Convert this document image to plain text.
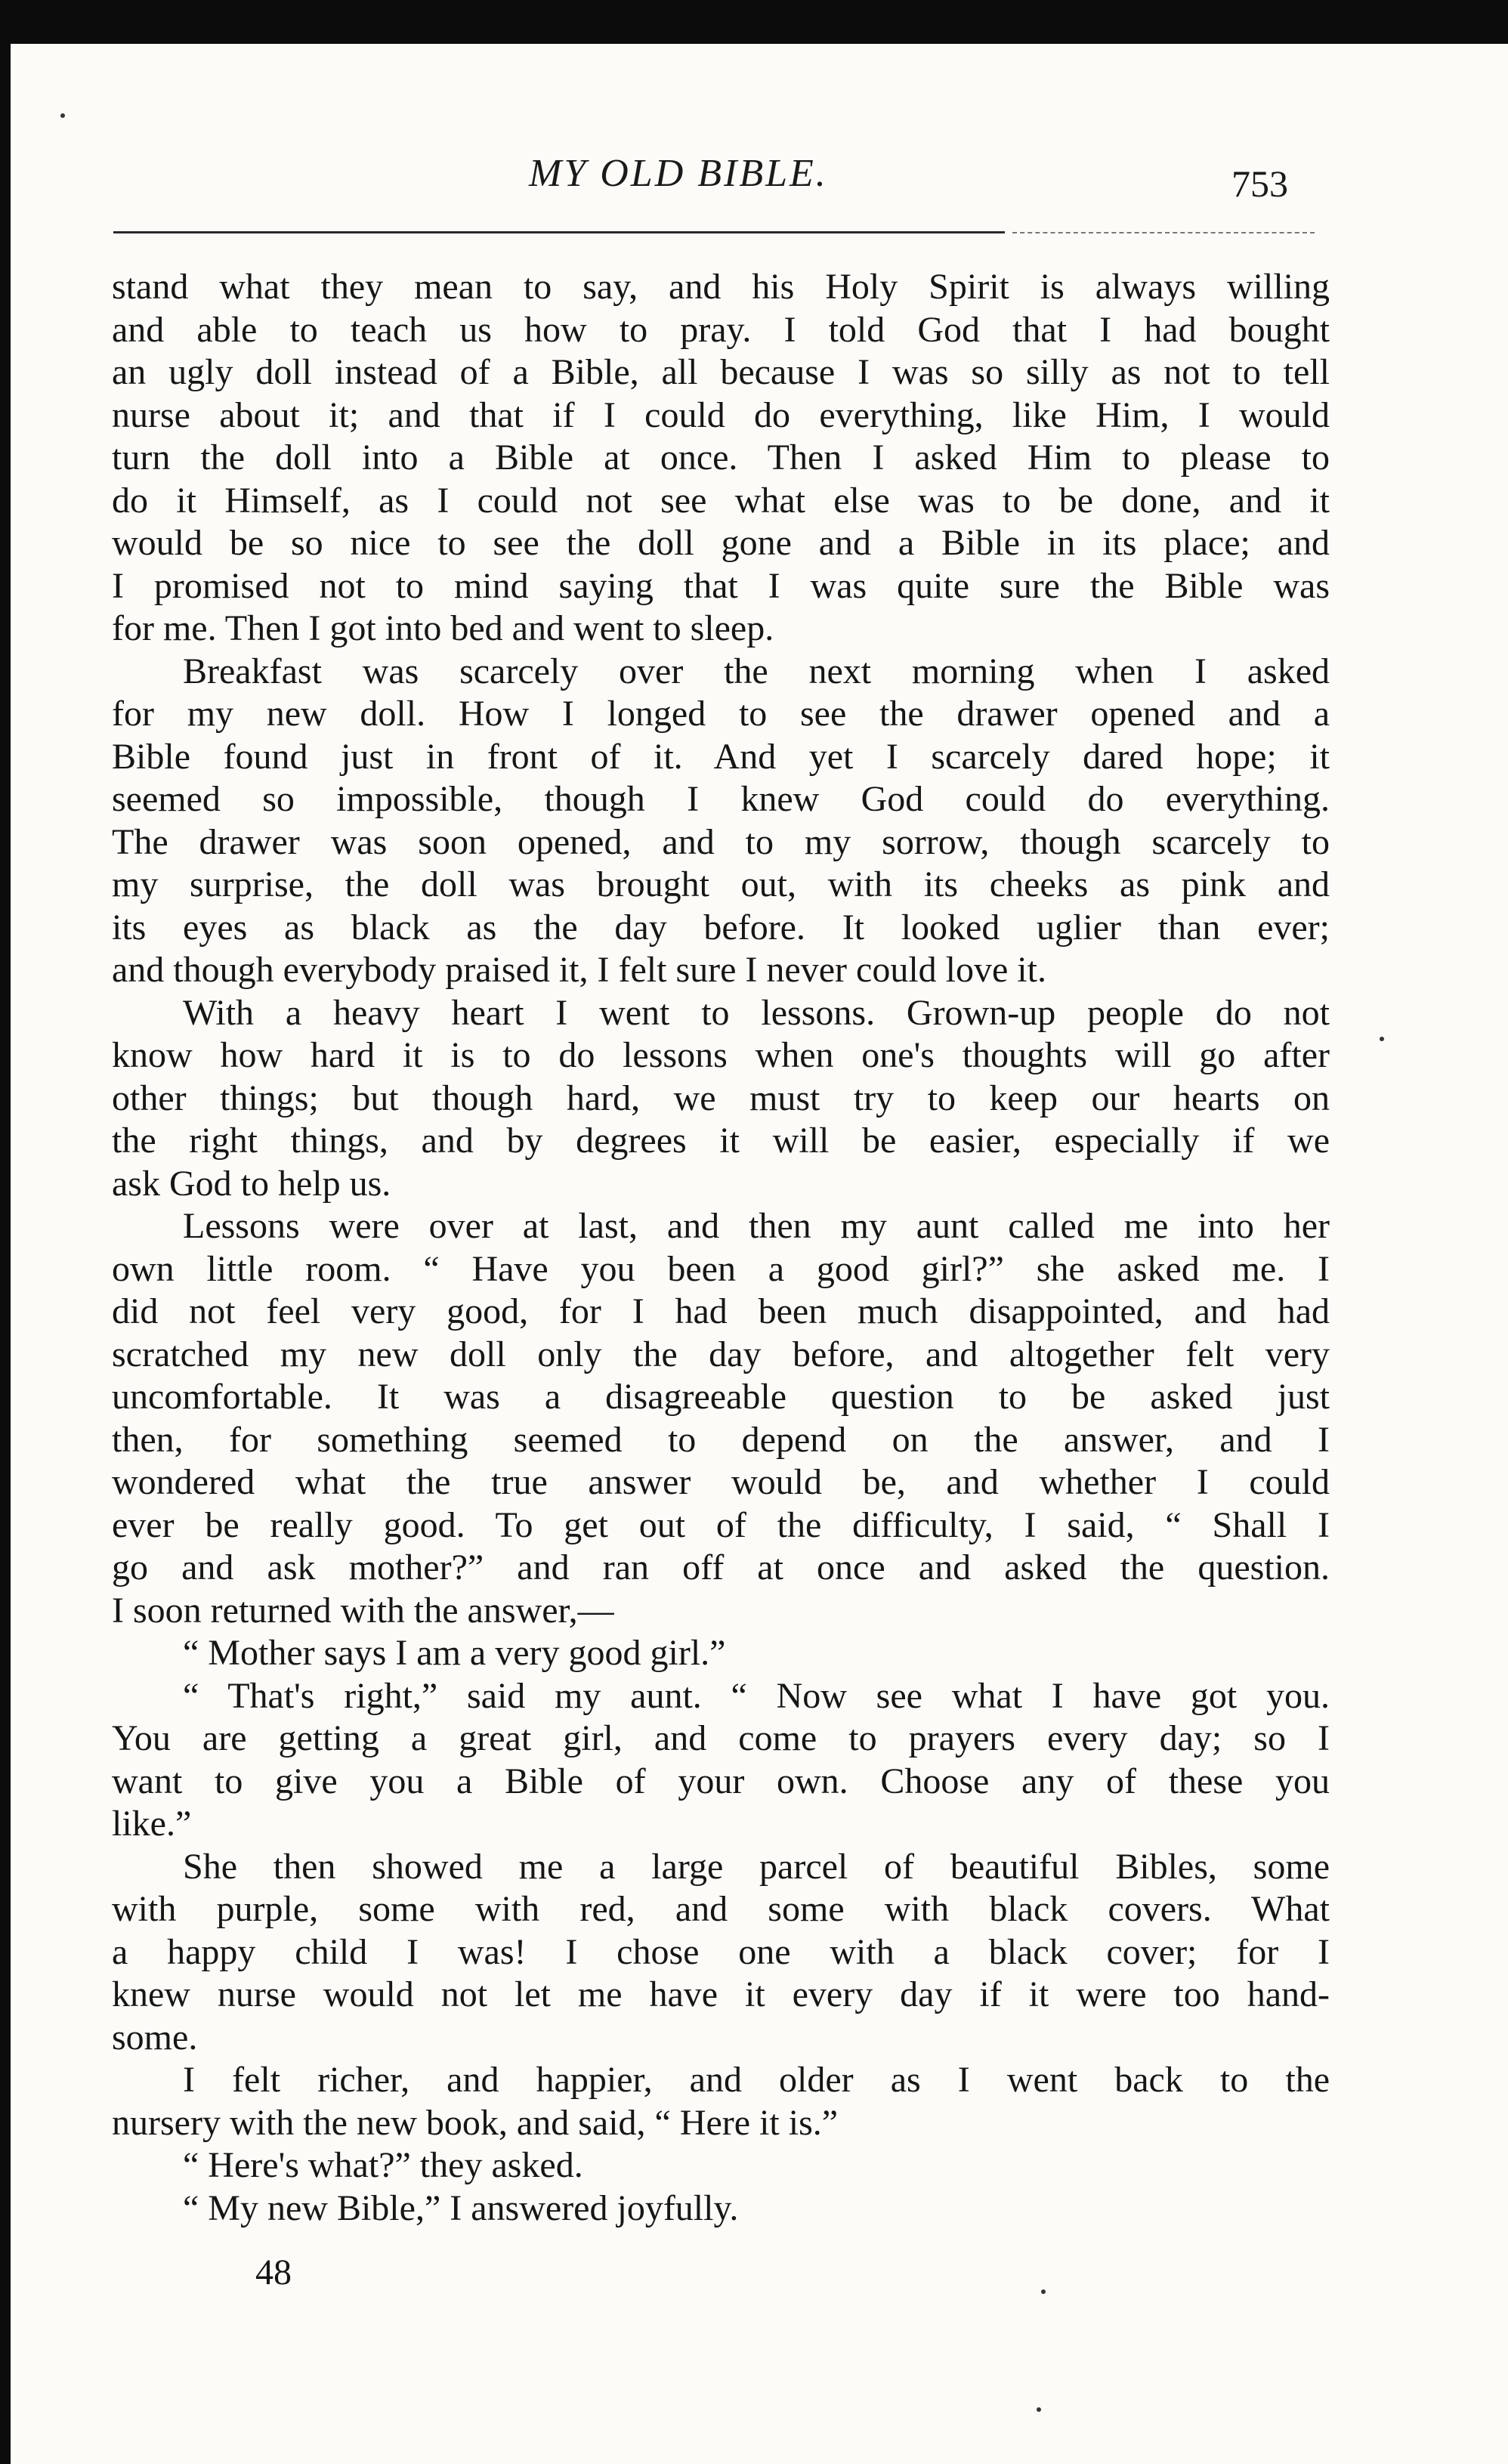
MY OLD BIBLE.	753
stand what they mean to say, and his Holy Spirit is always willing
and able to teach us how to pray. I told God that I had bought
an ugly doll instead of a Bible, all because I was so silly as not to tell
nurse about it; and that if I could do everything, like Him, I would
turn the doll into a Bible at once. Then I asked Him to please to
do it Himself, as I could not see what else was to be done, and it
would be so nice to see the doll gone and a Bible in its place; and
I promised not to mind saying that I was quite sure the Bible was
for me. Then I got into bed and went to sleep.
Breakfast was scarcely over the next morning when I asked
for my new doll. How I longed to see the drawer opened and a
Bible found just in front of it. And yet I scarcely dared hope; it
seemed so impossible, though I knew God could do everything.
The drawer was soon opened, and to my sorrow, though scarcely to
my surprise, the doll was brought out, with its cheeks as pink and
its eyes as black as the day before. It looked uglier than ever;
and though everybody praised it, I felt sure I never could love it.
With a heavy heart I went to lessons. Grown-up people do not
know how hard it is to do lessons when one's thoughts will go after
other things; but though hard, we must try to keep our hearts on
the right things, and by degrees it will be easier, especially if we
ask God to help us.
Lessons were over at last, and then my aunt called me into her
own little room. “ Have you been a good girl?” she asked me. I
did not feel very good, for I had been much disappointed, and had
scratched my new doll only the day before, and altogether felt very
uncomfortable. It was a disagreeable question to be asked just
then, for something seemed to depend on the answer, and I
wondered what the true answer would be, and whether I could
ever be really good. To get out of the difficulty, I said, “ Shall I
go and ask mother?” and ran off at once and asked the question.
I soon returned with the answer,—
“ Mother says I am a very good girl.”
“ That's right,” said my aunt. “ Now see what I have got you.
You are getting a great girl, and come to prayers every day; so I
want to give you a Bible of your own. Choose any of these you
like.”
She then showed me a large parcel of beautiful Bibles, some
with purple, some with red, and some with black covers. What
a happy child I was! I chose one with a black cover; for I
knew nurse would not let me have it every day if it were too hand-
some.
I felt richer, and happier, and older as I went back to the
nursery with the new book, and said, “ Here it is.”
“ Here's what?” they asked.
“ My new Bible,” I answered joyfully.
48
